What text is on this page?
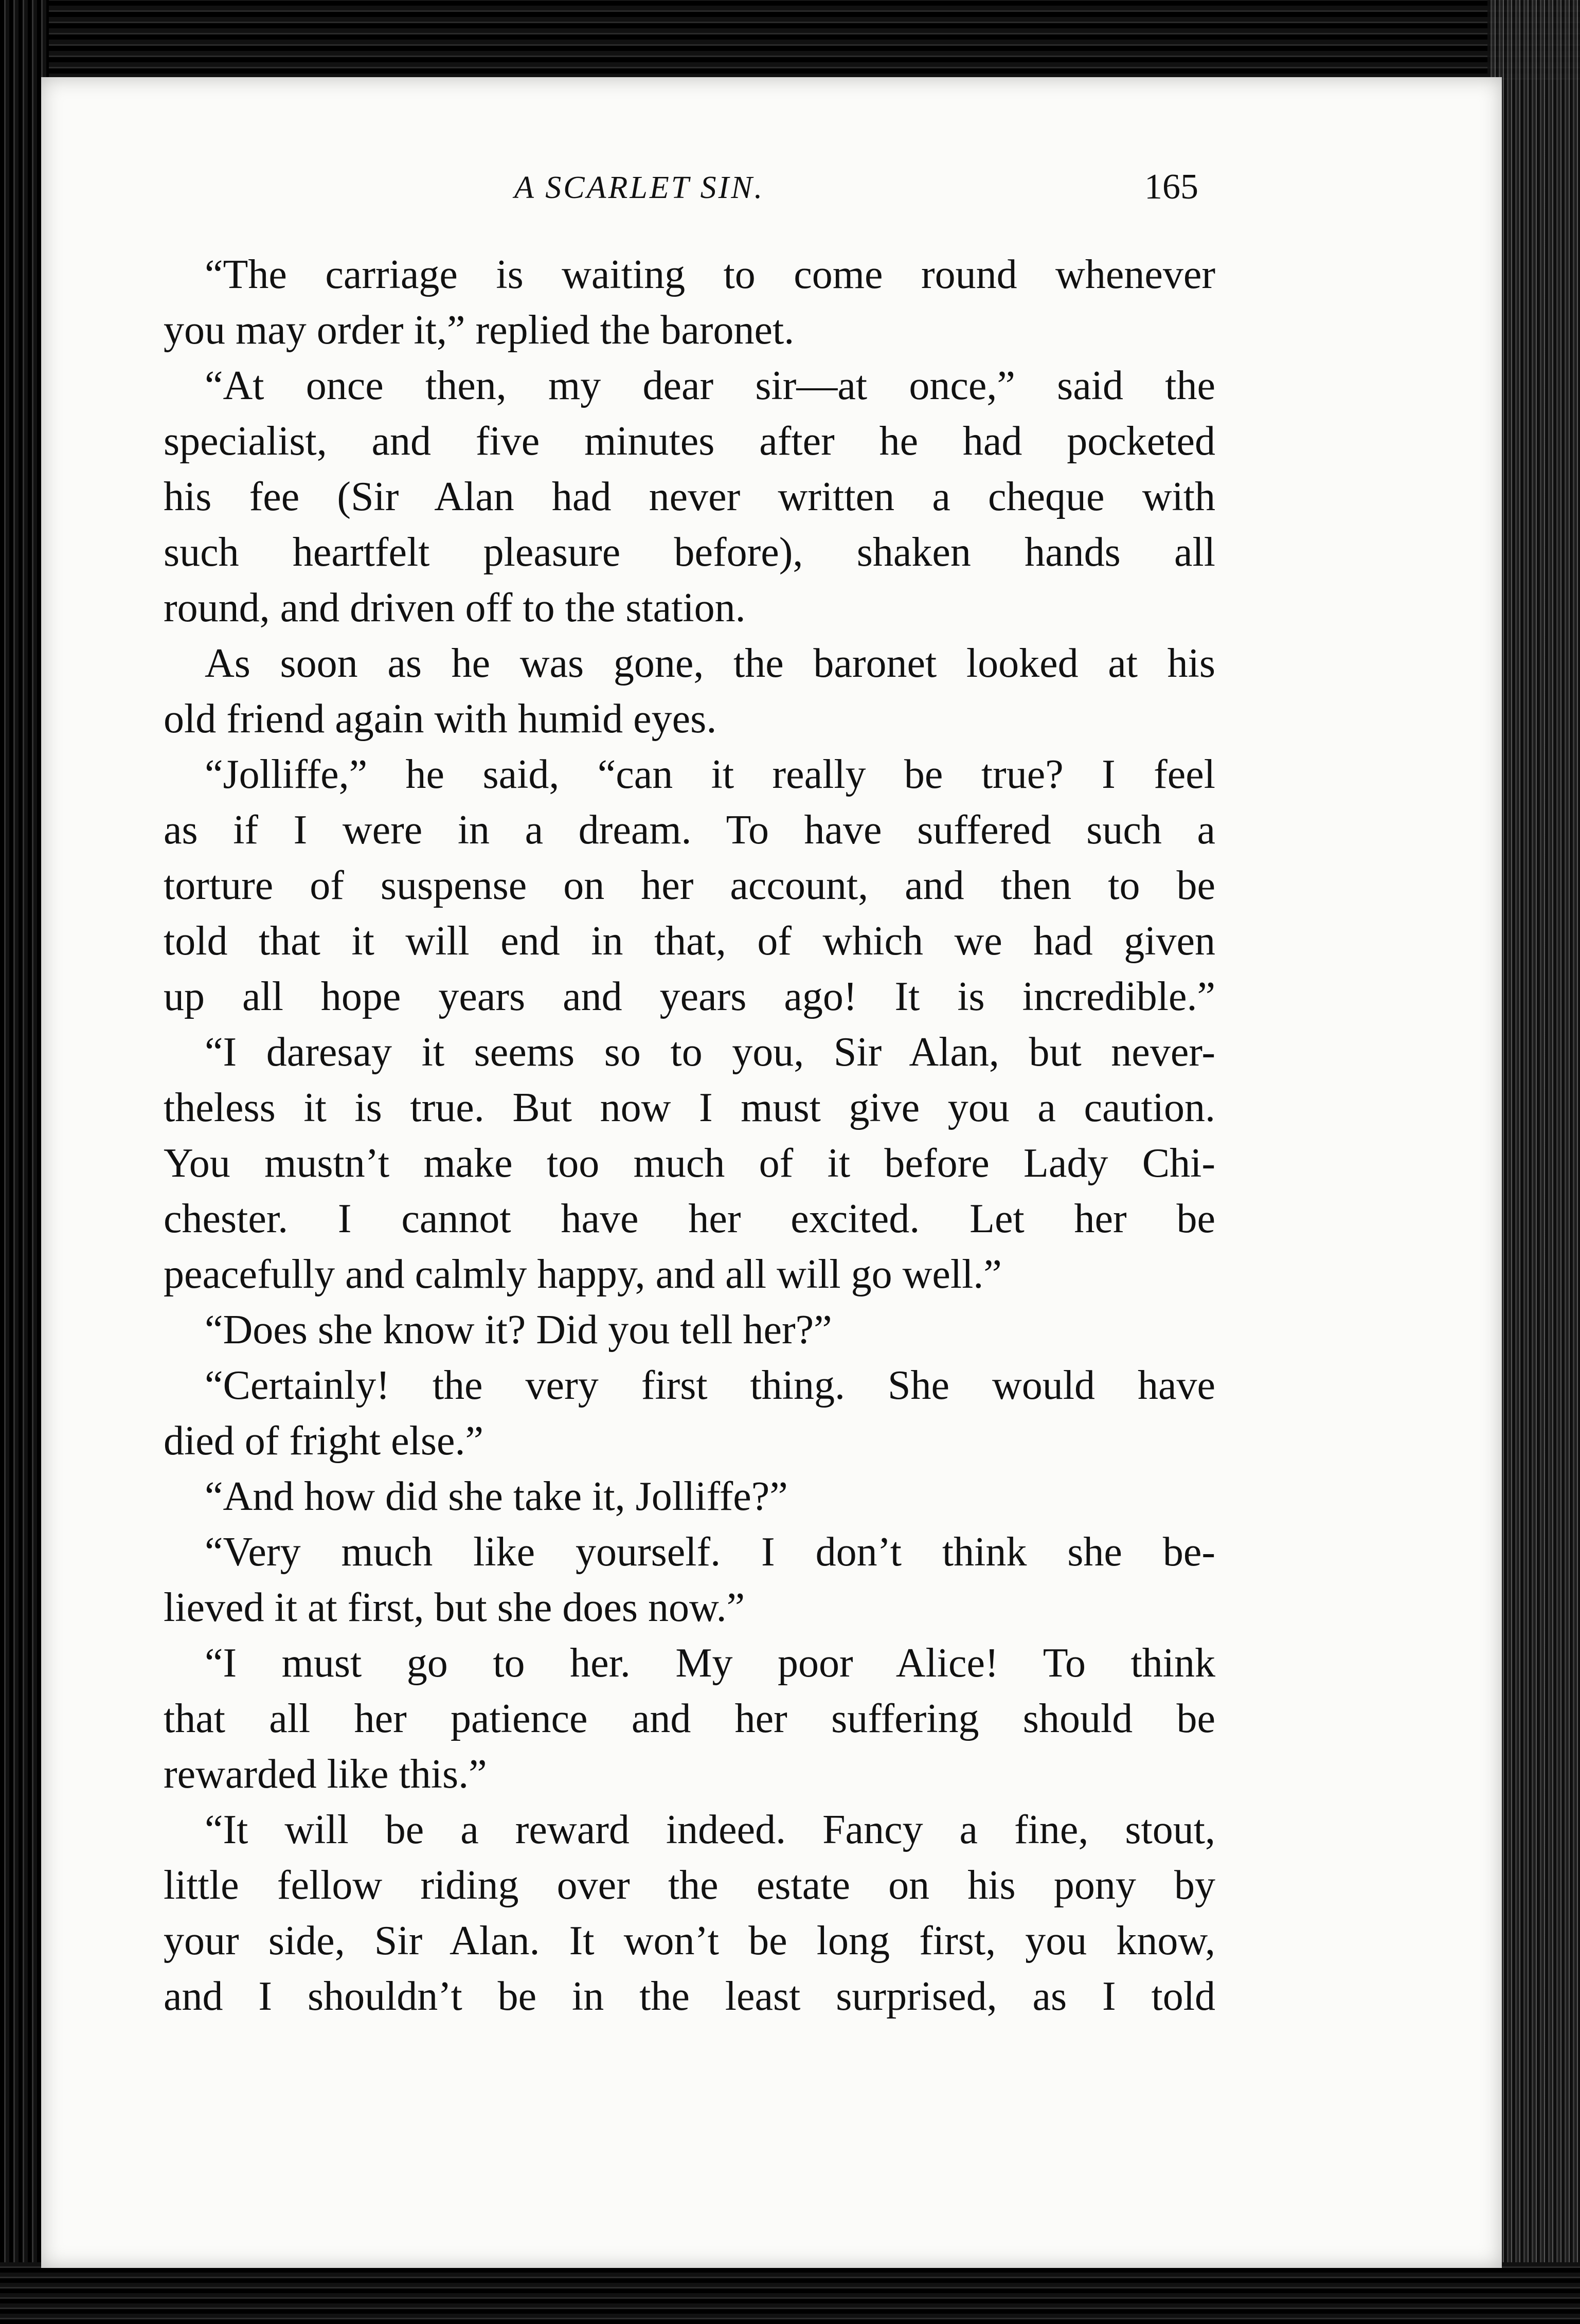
A SCARLET SIN.	165
“The carriage is waiting to come round whenever
you may order it,” replied the baronet.
“At once then, my dear sir—at once,” said the
specialist, and five minutes after he had pocketed
his fee (Sir Alan had never written a cheque with
such heartfelt pleasure before), shaken hands all
round, and driven off to the station.
As soon as he was gone, the baronet looked at his
old friend again with humid eyes.
“Jolliffe,” he said, “can it really be true? I feel
as if I were in a dream. To have suffered such a
torture of suspense on her account, and then to be
told that it will end in that, of which we had given
up all hope years and years ago! It is incredible.”
“I daresay it seems so to you, Sir Alan, but never-
theless it is true. But now I must give you a caution.
You mustn’t make too much of it before Lady Chi-
chester. I cannot have her excited. Let her be
peacefully and calmly happy, and all will go well.”
“Does she know it? Did you tell her?”
“Certainly! the very first thing. She would have
died of fright else.”
“And how did she take it, Jolliffe?”
“Very much like yourself. I don’t think she be-
lieved it at first, but she does now.”
“I must go to her. My poor Alice! To think
that all her patience and her suffering should be
rewarded like this.”
“It will be a reward indeed. Fancy a fine, stout,
little fellow riding over the estate on his pony by
your side, Sir Alan. It won’t be long first, you know,
and I shouldn’t be in the least surprised, as I told
